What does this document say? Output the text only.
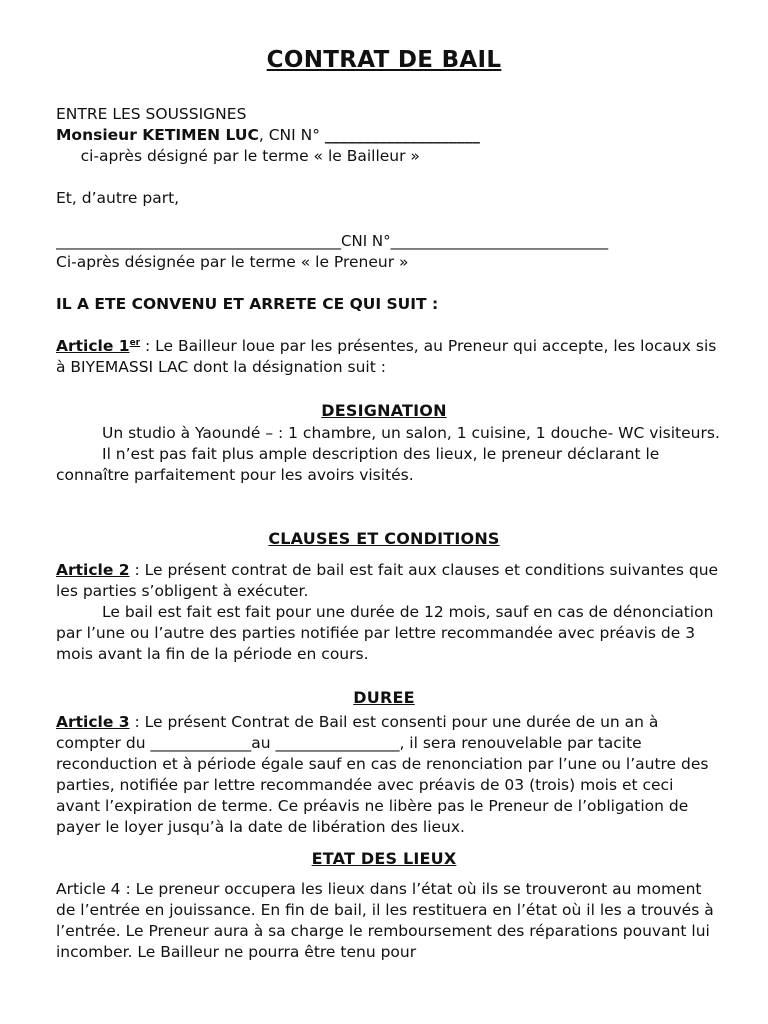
CONTRAT DE BAIL

ENTRE LES SOUSSIGNES

Monsieur KETIMEN LUC, CNI N° ____________________     ci-après désigné par le terme « le Bailleur »

Et, d’autre part,

______________________________________CNI N°_____________________________

Ci-après désignée par le terme « le Preneur »

IL A ETE CONVENU ET ARRETE CE QUI SUIT :

Article 1er : Le Bailleur loue par les présentes, au Preneur qui accepte, les locaux sis à BIYEMASSI LAC dont la désignation suit :

DESIGNATION

Un studio à Yaoundé – : 1 chambre, un salon, 1 cuisine, 1 douche- WC visiteurs.

Il n’est pas fait plus ample description des lieux, le preneur déclarant le connaître parfaitement pour les avoirs visités.

CLAUSES ET CONDITIONS

Article 2 : Le présent contrat de bail est fait aux clauses et conditions suivantes que les parties s’obligent à exécuter.

Le bail est fait est fait pour une durée de 12 mois, sauf en cas de dénonciation par l’une ou l’autre des parties notifiée par lettre recommandée avec préavis de 3 mois avant la fin de la période en cours.

DUREE

Article 3 : Le présent Contrat de Bail est consenti pour une durée de un an à compter du _____________au ________________, il sera renouvelable par tacite reconduction et à période égale sauf en cas de renonciation par l’une ou l’autre des parties, notifiée par lettre recommandée avec préavis de 03 (trois) mois et ceci avant l’expiration de terme. Ce préavis ne libère pas le Preneur de l’obligation de payer le loyer jusqu’à la date de libération des lieux.

ETAT DES LIEUX

Article 4 : Le preneur occupera les lieux dans l’état où ils se trouveront au moment de l’entrée en jouissance. En fin de bail, il les restituera en l’état où il les a trouvés à l’entrée. Le Preneur aura à sa charge le remboursement des réparations pouvant lui incomber. Le Bailleur ne pourra être tenu pour
